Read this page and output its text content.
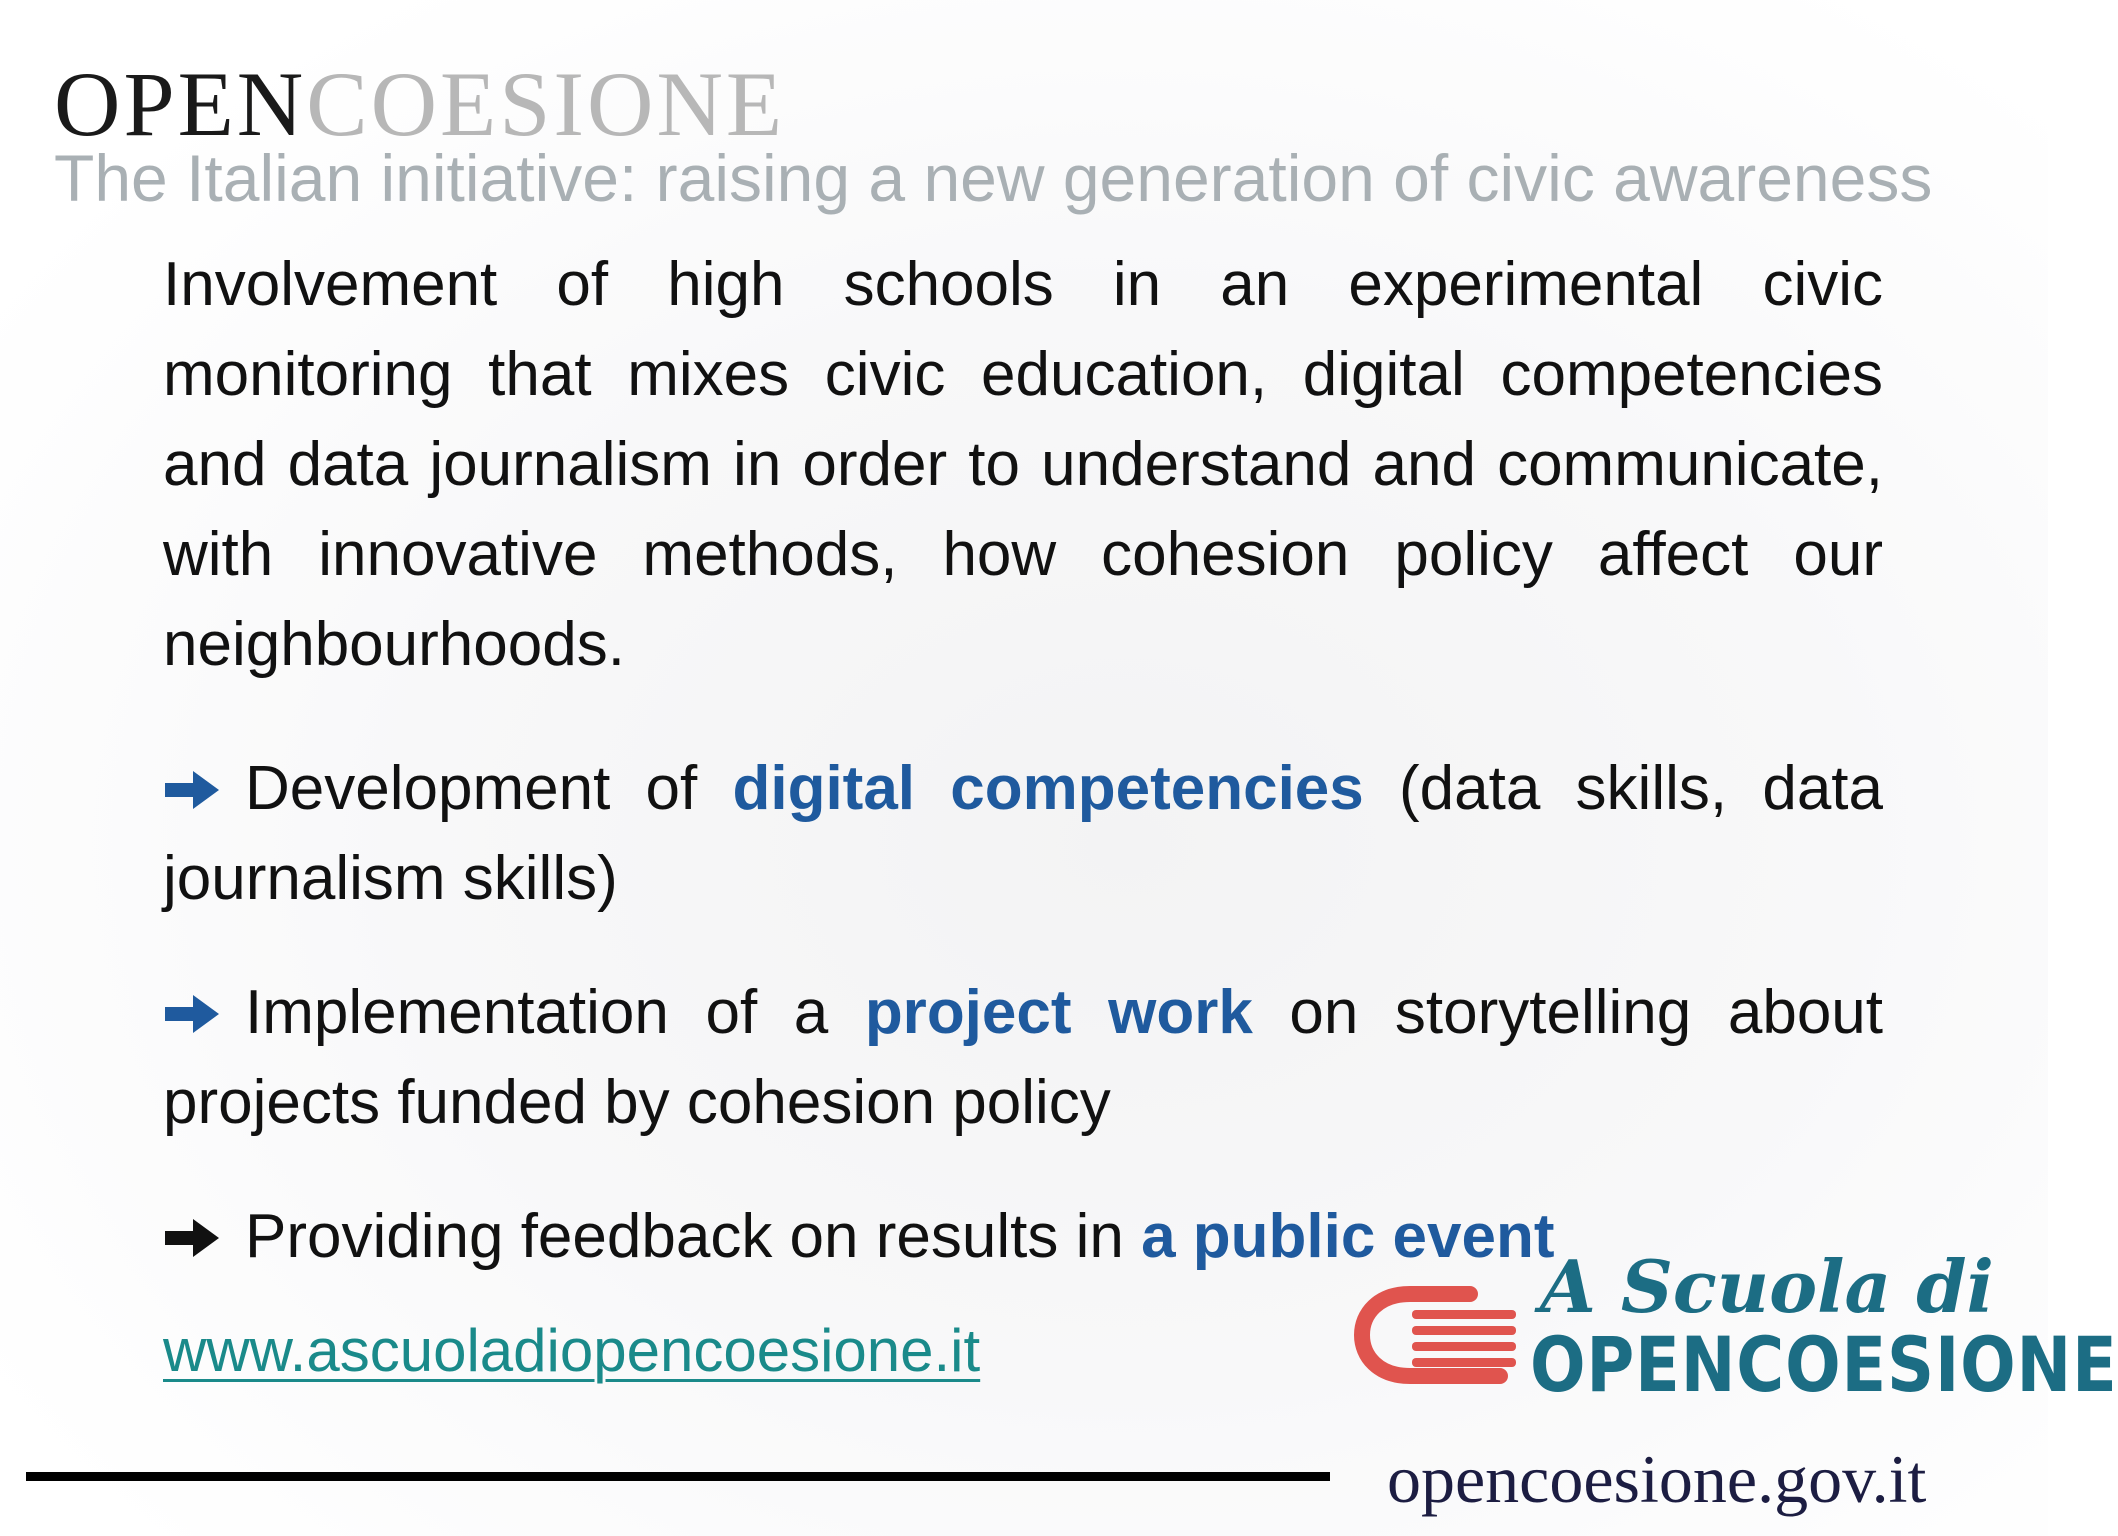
OPENCOESIONE
The Italian initiative: raising a new generation of civic awareness

Involvement of high schools in an experimental civic monitoring that mixes civic education, digital competencies and data journalism in order to understand and communicate, with innovative methods, how cohesion policy affect our neighbourhoods.

Development of digital competencies (data skills, data journalism skills)

Implementation of a project work on storytelling about projects funded by cohesion policy

Providing feedback on results in a public event

www.ascuoladiopencoesione.it
A Scuola di
OPENCOESIONE
opencoesione.gov.it
